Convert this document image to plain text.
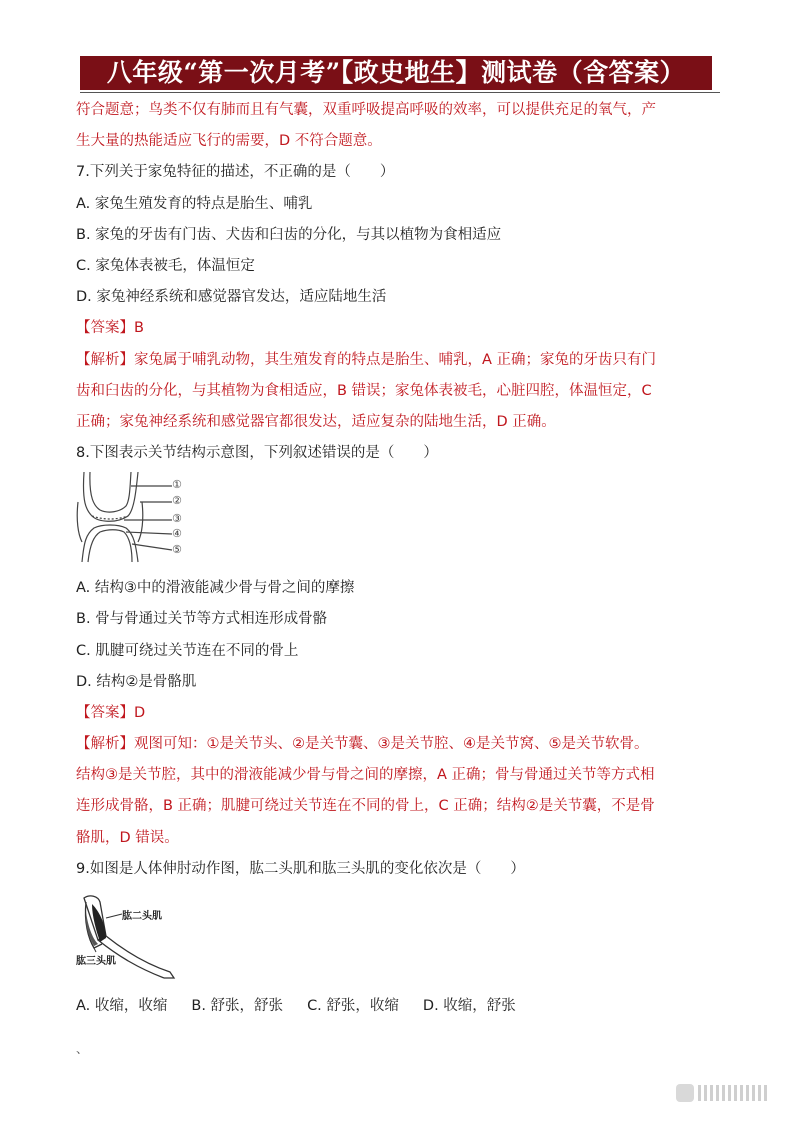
八年级“第一次月考”【政史地生】测试卷（含答案）
符合题意；鸟类不仅有肺而且有气囊，双重呼吸提高呼吸的效率，可以提供充足的氧气，产
生大量的热能适应飞行的需要，D 不符合题意。
7.下列关于家兔特征的描述，不正确的是（　　）
A. 家兔生殖发育的特点是胎生、哺乳
B. 家兔的牙齿有门齿、犬齿和臼齿的分化，与其以植物为食相适应
C. 家兔体表被毛，体温恒定
D. 家兔神经系统和感觉器官发达，适应陆地生活
【答案】B
【解析】家兔属于哺乳动物，其生殖发育的特点是胎生、哺乳，A 正确；家兔的牙齿只有门
齿和臼齿的分化，与其植物为食相适应，B 错误；家兔体表被毛，心脏四腔，体温恒定，C
正确；家兔神经系统和感觉器官都很发达，适应复杂的陆地生活，D 正确。
8.下图表示关节结构示意图，下列叙述错误的是（　　）
①
②
③
④
⑤
A. 结构③中的滑液能减少骨与骨之间的摩擦
B. 骨与骨通过关节等方式相连形成骨骼
C. 肌腱可绕过关节连在不同的骨上
D. 结构②是骨骼肌
【答案】D
【解析】观图可知：①是关节头、②是关节囊、③是关节腔、④是关节窝、⑤是关节软骨。
结构③是关节腔，其中的滑液能减少骨与骨之间的摩擦，A 正确；骨与骨通过关节等方式相
连形成骨骼，B 正确；肌腱可绕过关节连在不同的骨上，C 正确；结构②是关节囊，不是骨
骼肌，D 错误。
9.如图是人体伸肘动作图，肱二头肌和肱三头肌的变化依次是（　　）
肱二头肌
肱三头肌
A. 收缩，收缩 B. 舒张，舒张 C. 舒张，收缩 D. 收缩，舒张
、
